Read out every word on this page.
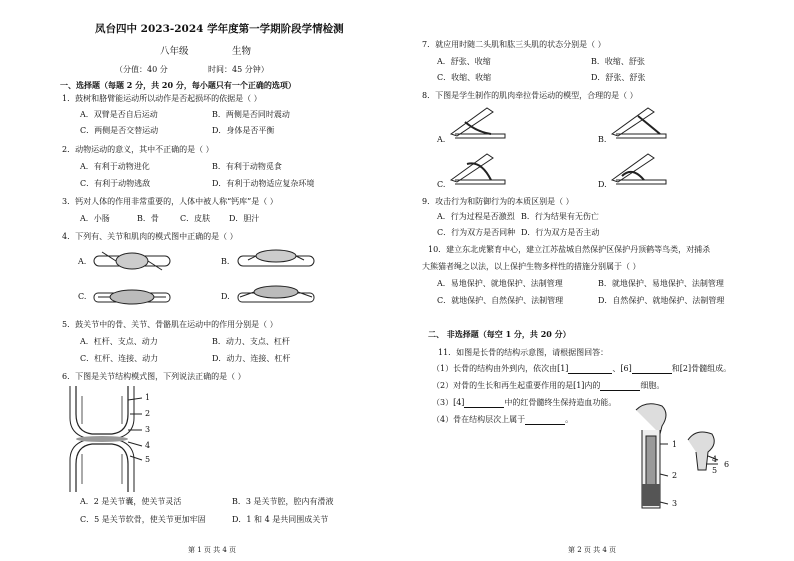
凤台四中 2023-2024 学年度第一学期阶段学情检测
八年级	生物
（分值：40 分	时间：45 分钟）
一、选择题（每题 2 分，共 20 分，每小题只有一个正确的选项）
1．鼓树和胳臂能运动所以动作是否起损坏的依据是（ ）
A．双臂是否自后运动	B．两侧是否同时震动
C．两侧是否交替运动	D．身体是否平衡
2．动物运动的意义，其中不正确的是（ ）
A．有利于动物进化	B．有利于动物觅食
C．有利于动物逃敌	D．有利于动物适应复杂环境
3．钙对人体的作用非常重要的，人体中被人称“钙库”是（ ）
A．小肠	B．骨	C．皮肤 D．胆汁
4．下列有、关节和肌肉的模式图中正确的是（ ）
A.	B.
C.	D.
5．鼓关节中的骨、关节、骨骼肌在运动中的作用分别是（ ）
A．杠杆、支点、动力	B．动力、支点、杠杆
C．杠杆、连接、动力	D．动力、连接、杠杆
6．下图是关节结构模式图，下列说法正确的是（ ）
1
2
3
4
5
A．2 是关节囊，使关节灵活	B．3 是关节腔，腔内有滑液
C．5 是关节软骨，使关节更加牢固	D．1 和 4 是共同围成关节
第 1 页 共 4 页
7．就应用时随二头肌和肱三头肌的状态分别是（ ）
A．舒张、收缩	B．收缩、舒张
C．收缩、收缩	D．舒张、舒张
8．下图是学生制作的肌肉牵拉骨运动的模型，合理的是（ ）
A.	B.
C.	D.
9．攻击行为和防御行为的本质区别是（ ）
A．行为过程是否激烈 B．行为结果有无伤亡
C．行为双方是否同种 D．行为双方是否主动
10．建立东北虎繁育中心，建立江苏盐城自然保护区保护丹顶鹤等鸟类，对捕杀
大熊猫者绳之以法，以上保护生物多样性的措施分别属于（ ）
A．易地保护、就地保护、法制管理	B．就地保护、易地保护、法制管理
C．就地保护、自然保护、法制管理	D．自然保护、就地保护、法制管理
二、 非选择题（每空 1 分，共 20 分）
11．如图是长骨的结构示意图，请根据图回答：
（1）长骨的结构由外到内，依次由[1]	、[6]	和[2]骨髓组成。
（2）对骨的生长和再生起重要作用的是[1]内的	细胞。
（3）[4]	中的红骨髓终生保持造血功能。
（4）骨在结构层次上属于	。
1
2
3
4
5
6
第 2 页 共 4 页
